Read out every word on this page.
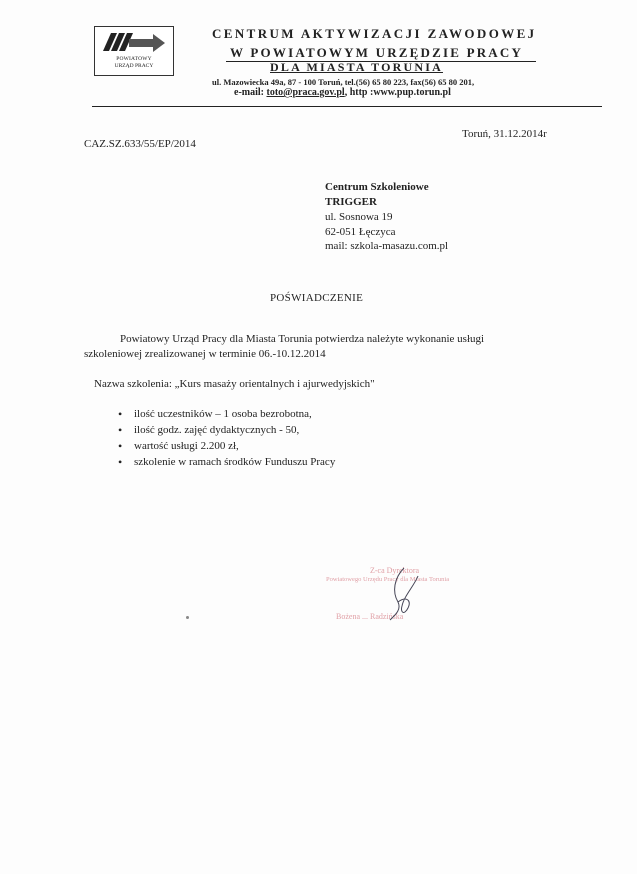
POWIATOWY
URZĄD PRACY
CENTRUM AKTYWIZACJI ZAWODOWEJ
W POWIATOWYM URZĘDZIE PRACY
DLA MIASTA TORUNIA
ul. Mazowiecka 49a, 87 - 100 Toruń, tel.(56) 65 80 223, fax(56) 65 80 201,
e-mail: toto@praca.gov.pl, http :www.pup.torun.pl
CAZ.SZ.633/55/EP/2014
Toruń, 31.12.2014r
Centrum Szkoleniowe
TRIGGER
ul. Sosnowa 19
62-051 Łęczyca
mail: szkola-masazu.com.pl
POŚWIADCZENIE
Powiatowy Urząd Pracy dla Miasta Torunia potwierdza należyte wykonanie usługi
szkoleniowej zrealizowanej w terminie 06.-10.12.2014
Nazwa szkolenia: „Kurs masaży orientalnych i ajurwedyjskich"
• ilość uczestników – 1 osoba bezrobotna,
• ilość godz. zajęć dydaktycznych - 50,
• wartość usługi 2.200 zł,
• szkolenie w ramach środków Funduszu Pracy
Z-ca Dyrektora
Powiatowego Urzędu Pracy dla Miasta Torunia
Bożena ... Radzińska
